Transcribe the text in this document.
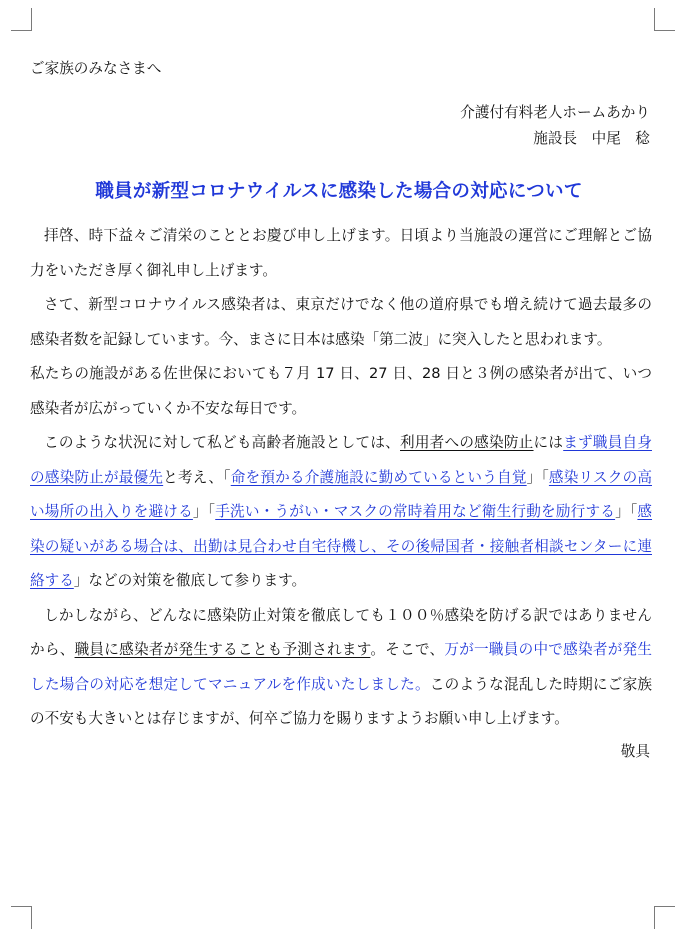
ご家族のみなさまへ
介護付有料老人ホームあかり
施設長　中尾　稔
職員が新型コロナウイルスに感染した場合の対応について

拝啓、時下益々ご清栄のこととお慶び申し上げます。日頃より当施設の運営にご理解とご協力をいただき厚く御礼申し上げます。

さて、新型コロナウイルス感染者は、東京だけでなく他の道府県でも増え続けて過去最多の感染者数を記録しています。今、まさに日本は感染「第二波」に突入したと思われます。

私たちの施設がある佐世保においても７月 17 日、27 日、28 日と３例の感染者が出て、いつ感染者が広がっていくか不安な毎日です。

このような状況に対して私ども高齢者施設としては、利用者への感染防止にはまず職員自身の感染防止が最優先と考え、「命を預かる介護施設に勤めているという自覚」「感染リスクの高い場所の出入りを避ける」「手洗い・うがい・マスクの常時着用など衛生行動を励行する」「感染の疑いがある場合は、出勤は見合わせ自宅待機し、その後帰国者・接触者相談センターに連絡する」などの対策を徹底して参ります。

しかしながら、どんなに感染防止対策を徹底しても１００％感染を防げる訳ではありませんから、職員に感染者が発生することも予測されます。そこで、万が一職員の中で感染者が発生した場合の対応を想定してマニュアルを作成いたしました。このような混乱した時期にご家族の不安も大きいとは存じますが、何卒ご協力を賜りますようお願い申し上げます。

敬具
